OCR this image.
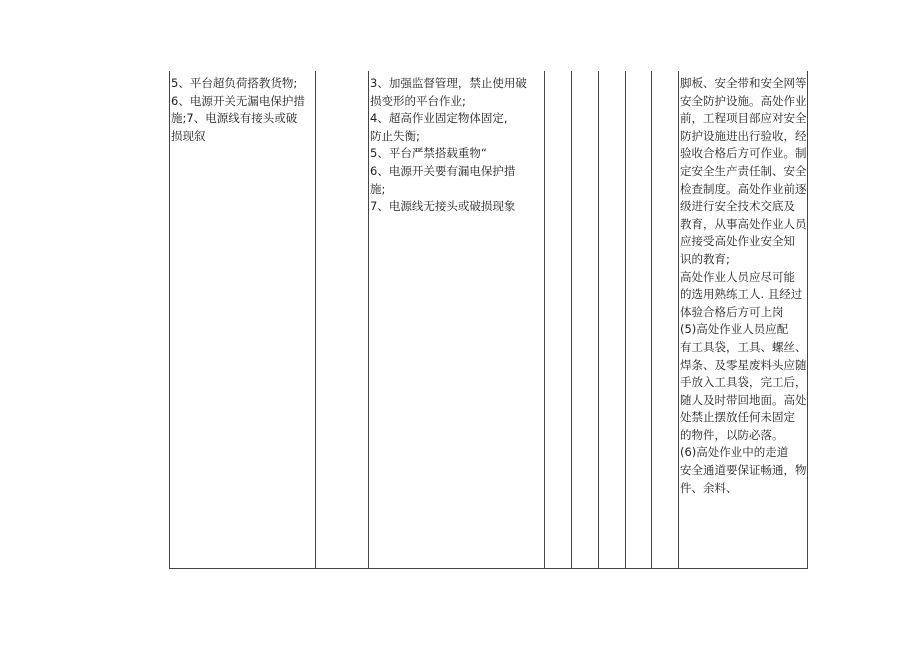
5、平台超负荷搭教货物;
6、电源开关无漏电保护措
施;7、电源线有接头或破
损现叙
3、加强监督管理，禁止使用破
损变形的平台作业;
4、超高作业固定物体固定,
防止失衡;
5、平台严禁搭载重物“
6、电源开关要有漏电保护措
施;
7、电源线无接头或破损现象
脚板、安全带和安全网等
安全防护设施。高处作业
前，工程项目部应对安全
防护设施进出行验收，经
验收合格后方可作业。制
定安全生产责任制、安全
检查制度。高处作业前逐
级进行安全技术交底及
教育，从事高处作业人员
应接受高处作业安全知
识的教育;
高处作业人员应尽可能
的选用熟练工人. 且经过
体验合格后方可上岗
(5)高处作业人员应配
有工具袋，工具、螺丝、
焊条、及零星废料头应随
手放入工具袋，完工后，
随人及时带回地面。高处
处禁止摆放任何未固定
的物件，以防必落。
(6)高处作业中的走道
安全通道要保证畅通，物
件、余料、
